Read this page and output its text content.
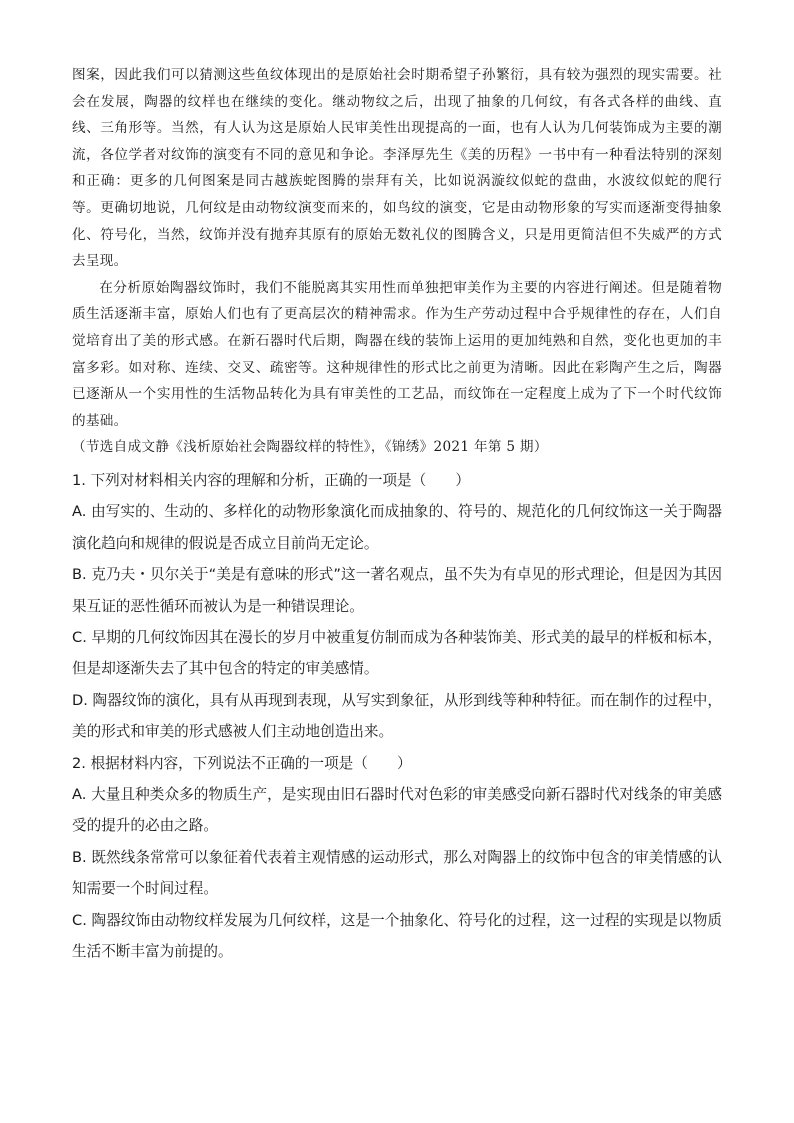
图案，因此我们可以猜测这些鱼纹体现出的是原始社会时期希望子孙繁衍，具有较为强烈的现实需要。社会在发展，陶器的纹样也在继续的变化。继动物纹之后，出现了抽象的几何纹，有各式各样的曲线、直线、三角形等。当然，有人认为这是原始人民审美性出现提高的一面，也有人认为几何装饰成为主要的潮流，各位学者对纹饰的演变有不同的意见和争论。李泽厚先生《美的历程》一书中有一种看法特别的深刻和正确：更多的几何图案是同古越族蛇图腾的崇拜有关，比如说涡漩纹似蛇的盘曲，水波纹似蛇的爬行等。更确切地说，几何纹是由动物纹演变而来的，如鸟纹的演变，它是由动物形象的写实而逐渐变得抽象化、符号化，当然，纹饰并没有抛弃其原有的原始无数礼仪的图腾含义，只是用更简洁但不失威严的方式去呈现。

在分析原始陶器纹饰时，我们不能脱离其实用性而单独把审美作为主要的内容进行阐述。但是随着物质生活逐渐丰富，原始人们也有了更高层次的精神需求。作为生产劳动过程中合乎规律性的存在，人们自觉培育出了美的形式感。在新石器时代后期，陶器在线的装饰上运用的更加纯熟和自然，变化也更加的丰富多彩。如对称、连续、交叉、疏密等。这种规律性的形式比之前更为清晰。因此在彩陶产生之后，陶器已逐渐从一个实用性的生活物品转化为具有审美性的工艺品，而纹饰在一定程度上成为了下一个时代纹饰的基础。

（节选自成文静《浅析原始社会陶器纹样的特性》，《锦绣》2021 年第 5 期）

1. 下列对材料相关内容的理解和分析，正确的一项是（　　）

A. 由写实的、生动的、多样化的动物形象演化而成抽象的、符号的、规范化的几何纹饰这一关于陶器演化趋向和规律的假说是否成立目前尚无定论。

B. 克乃夫・贝尔关于“美是有意味的形式”这一著名观点，虽不失为有卓见的形式理论，但是因为其因果互证的恶性循环而被认为是一种错误理论。

C. 早期的几何纹饰因其在漫长的岁月中被重复仿制而成为各种装饰美、形式美的最早的样板和标本，但是却逐渐失去了其中包含的特定的审美感情。

D. 陶器纹饰的演化，具有从再现到表现，从写实到象征，从形到线等种种特征。而在制作的过程中，美的形式和审美的形式感被人们主动地创造出来。

2. 根据材料内容，下列说法不正确的一项是（　　）

A. 大量且种类众多的物质生产，是实现由旧石器时代对色彩的审美感受向新石器时代对线条的审美感受的提升的必由之路。

B. 既然线条常常可以象征着代表着主观情感的运动形式，那么对陶器上的纹饰中包含的审美情感的认知需要一个时间过程。

C. 陶器纹饰由动物纹样发展为几何纹样，这是一个抽象化、符号化的过程，这一过程的实现是以物质生活不断丰富为前提的。
